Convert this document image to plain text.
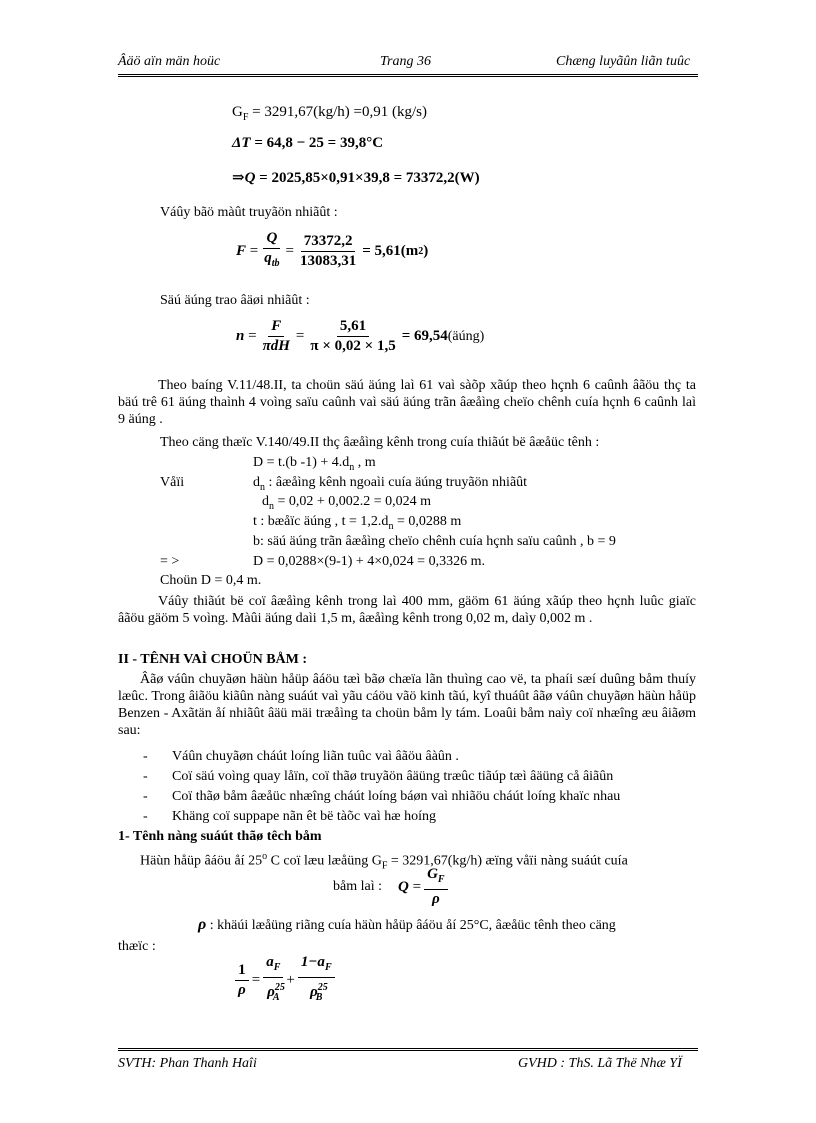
Âäö aïn män hoüc	Trang 36	Chæng luyãûn liãn tuûc
$G_F = 3291,67(kg/h) =0,91$ (kg/s)
ΔT = 64,8 − 25 = 39,8°C
⇒Q = 2025,85×0,91×39,8 = 73372,2(W)
Váûy bãö màût truyãön nhiãût :
$F = \frac{Q}{q_{tb}} = \frac{73372,2}{13083,31} = 5,61(m$ 2 )
Säú äúng trao âäøi nhiãût :
$n = \frac{F}{\text{πdH}} = \frac{5,61}{\pi \times 0,02 \times 1,5} = 69,54$ (äúng)
Theo baíng V.11/48.II, ta choün säú äúng laì 61 vaì sàõp xãúp theo hçnh 6 caûnh âãöu thç ta bäú trê 61 äúng thaình 4 voìng saïu caûnh vaì säú äúng trãn âæåìng cheïo chênh cuía hçnh 6 caûnh laì 9 äúng .
Theo cäng thæïc V.140/49.II thç âæåìng kênh trong cuía thiãút bë âæåüc tênh :
D = t.(b $-1) + 4.d_n$ , m
Våïi	$d_n$ : âæåìng kênh ngoaìi cuía äúng truyãön nhiãût
$d_n = 0,02 + 0,002.2 = 0,024$ m
t : bæåïc äúng , $t = 1,2.d_n = 0,0288$ m
b: säú äúng trãn âæåìng cheïo chênh cuía hçnh saïu caûnh , b = 9
= >	D = 0,0288×(9-1) + 4×0,024 = 0,3326 m.
Choün D = 0,4 m.
Váûy thiãút bë coï âæåìng kênh trong laì 400 mm, gäöm 61 äúng xãúp theo hçnh luûc giaïc âãöu gäöm 5 voìng. Màûi äúng daìi 1,5 m, âæåìng kênh trong 0,02 m, daìy 0,002 m .
II - TÊNH VAÌ CHOÜN BÅM :
Âãø váûn chuyãøn häùn håüp âáöu tæì bãø chæïa lãn thuìng cao vë, ta phaíi sæí duûng båm thuíy læûc. Trong âiãöu kiãûn nàng suáút vaì yãu cáöu vãö kinh tãú, kyî thuáût âãø váûn chuyãøn häùn håüp Benzen - Axãtän åí nhiãût âäü mäi træåìng ta choün båm ly tám. Loaûi båm naìy coï nhæîng æu âiãøm sau:
- Váûn chuyãøn cháút loíng liãn tuûc vaì âãöu âàûn .
- Coï säú voìng quay låïn, coï thãø truyãön âäüng træûc tiãúp tæì âäüng cå âiãûn
- Coï thãø båm âæåüc nhæîng cháút loíng báøn vaì nhiãöu cháút loíng khaïc nhau
- Khäng coï suppape nãn êt bë tàõc vaì hæ hoíng
1- Tênh nàng suáút thãø têch båm
Häùn håüp âáöu åí 25$^o$ C coï læu læåüng $G_F = 3291,67(kg/h)$ æïng våïi nàng suáút cuía
båm laì : $Q = \frac{G_F}{\rho}$
ρ : khäúi læåüng riãng cuía häùn håüp âáöu åí 25°C, âæåüc tênh theo cäng
thæïc :
$\frac{1}{\rho} = \frac{a_F}{\rho^{25}_A} + \frac{1-a_F}{\rho^{25}_B}$
SVTH: Phan Thanh Haîi	GVHD : ThS. Lã Thë Nhæ YÏ
